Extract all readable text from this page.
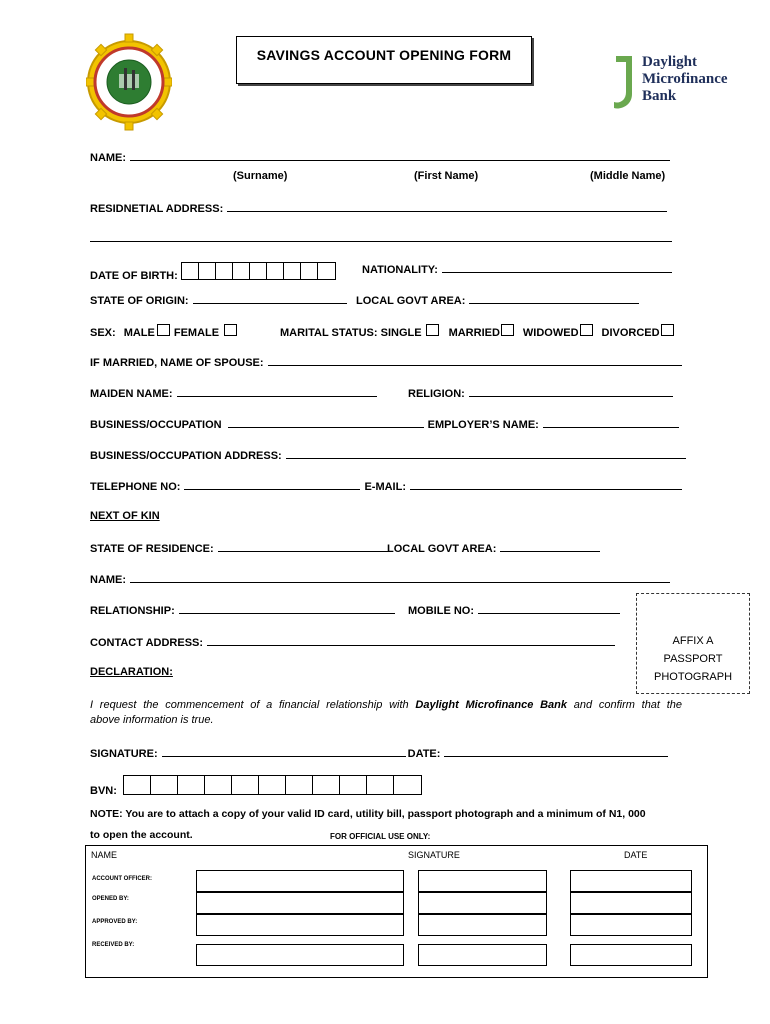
SAVINGS ACCOUNT OPENING FORM	Daylight
Microfinance
Bank
NAME:
(Surname)	(First Name)	(Middle Name)
RESIDNETIAL ADDRESS:
DATE OF BIRTH:	NATIONALITY:
STATE OF ORIGIN:	LOCAL GOVT AREA:
SEX: MALE FEMALE	MARITAL STATUS: SINGLE MARRIED WIDOWED DIVORCED
IF MARRIED, NAME OF SPOUSE:
MAIDEN NAME:	RELIGION:
BUSINESS/OCCUPATION	EMPLOYER’S NAME:
BUSINESS/OCCUPATION ADDRESS:
TELEPHONE NO:	E-MAIL:
NEXT OF KIN
STATE OF RESIDENCE:	LOCAL GOVT AREA:
NAME:
RELATIONSHIP:	MOBILE NO:
CONTACT ADDRESS:	AFFIX A
PASSPORT
PHOTOGRAPH
DECLARATION:
I request the commencement of a financial relationship with Daylight Microfinance Bank and confirm that the
above information is true.
SIGNATURE:	DATE:
BVN:
NOTE: You are to attach a copy of your valid ID card, utility bill, passport photograph and a minimum of N1, 000
to open the account.	FOR OFFICIAL USE ONLY:
NAME	SIGNATURE	DATE
ACCOUNT OFFICER:
OPENED BY:
APPROVED BY:
RECEIVED BY:
